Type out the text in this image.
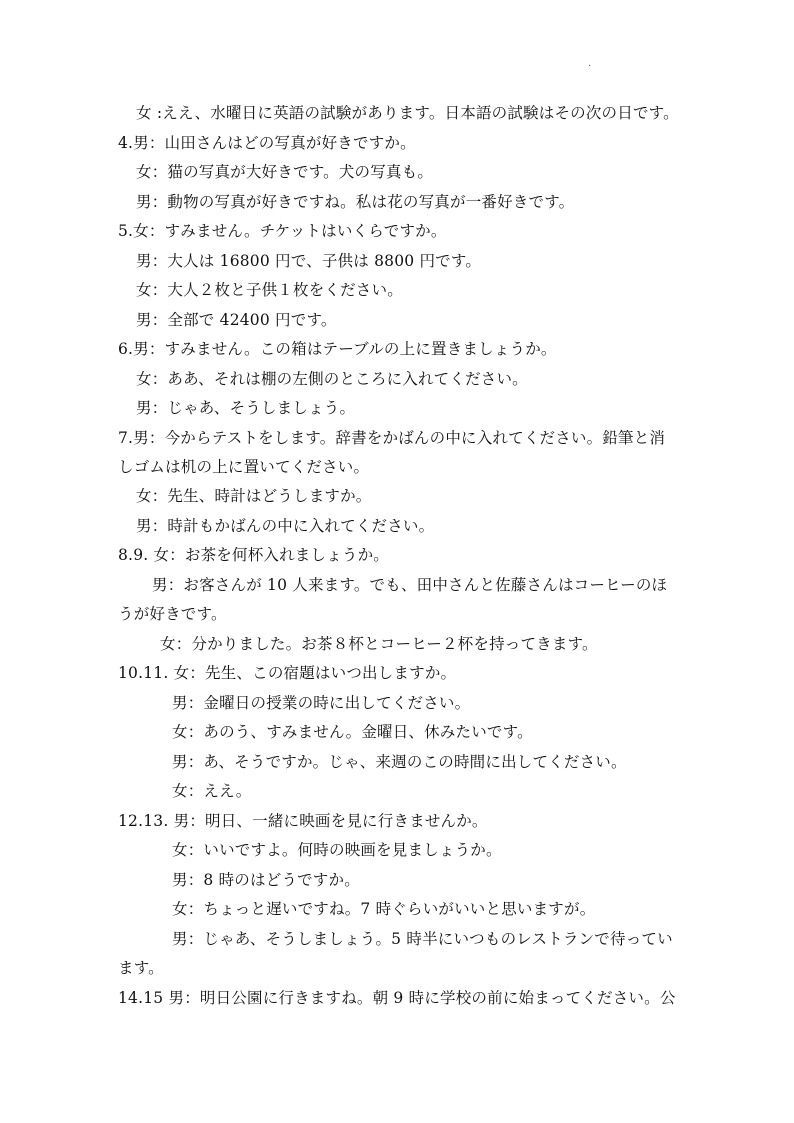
.
女 :ええ、水曜日に英語の試験があります。日本語の試験はその次の日です。
4.男：山田さんはどの写真が好きですか。
女：猫の写真が大好きです。犬の写真も。
男：動物の写真が好きですね。私は花の写真が一番好きです。
5.女：すみません。チケットはいくらですか。
男：大人は 16800 円で、子供は 8800 円です。
女：大人２枚と子供１枚をください。
男：全部で 42400 円です。
6.男：すみません。この箱はテーブルの上に置きましょうか。
女：ああ、それは棚の左側のところに入れてください。
男：じゃあ、そうしましょう。
7.男：今からテストをします。辞書をかばんの中に入れてください。鉛筆と消
しゴムは机の上に置いてください。
女：先生、時計はどうしますか。
男：時計もかばんの中に入れてください。
8.9. 女：お茶を何杯入れましょうか。
男：お客さんが 10 人来ます。でも、田中さんと佐藤さんはコーヒーのほ
うが好きです。
女：分かりました。お茶８杯とコーヒー２杯を持ってきます。
10.11. 女：先生、この宿題はいつ出しますか。
男：金曜日の授業の時に出してください。
女：あのう、すみません。金曜日、休みたいです。
男：あ、そうですか。じゃ、来週のこの時間に出してください。
女：ええ。
12.13. 男：明日、一緒に映画を見に行きませんか。
女：いいですよ。何時の映画を見ましょうか。
男：8 時のはどうですか。
女：ちょっと遅いですね。7 時ぐらいがいいと思いますが。
男：じゃあ、そうしましょう。5 時半にいつものレストランで待ってい
ます。
14.15 男：明日公園に行きますね。朝 9 時に学校の前に始まってください。公
